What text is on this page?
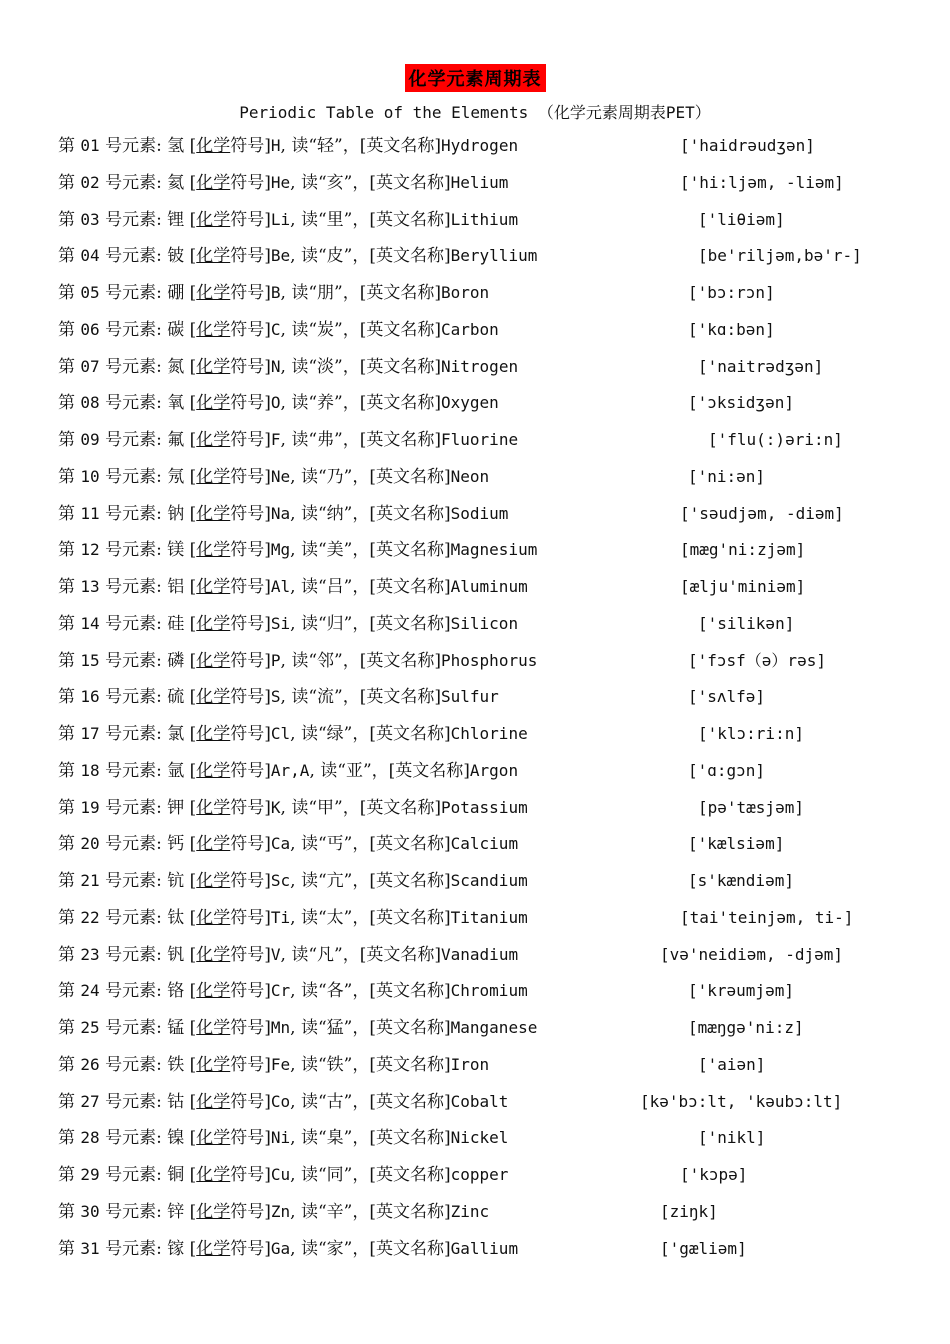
化学元素周期表
Periodic Table of the Elements （化学元素周期表PET）
第 01 号元素: 氢 [化学符号]H, 读“轻”，[英文名称]Hydrogen	['haidrəudʒən]
第 02 号元素: 氦 [化学符号]He, 读“亥”，[英文名称]Helium	['hi:ljəm, -liəm]
第 03 号元素: 锂 [化学符号]Li, 读“里”，[英文名称]Lithium	['liθiəm]
第 04 号元素: 铍 [化学符号]Be, 读“皮”，[英文名称]Beryllium	[be'riljəm,bə'r-]
第 05 号元素: 硼 [化学符号]B, 读“朋”，[英文名称]Boron	['bɔ:rɔn]
第 06 号元素: 碳 [化学符号]C, 读“炭”，[英文名称]Carbon	['kɑ:bən]
第 07 号元素: 氮 [化学符号]N, 读“淡”，[英文名称]Nitrogen	['naitrədʒən]
第 08 号元素: 氧 [化学符号]O, 读“养”，[英文名称]Oxygen	['ɔksidʒən]
第 09 号元素: 氟 [化学符号]F, 读“弗”，[英文名称]Fluorine	['flu(:)əri:n]
第 10 号元素: 氖 [化学符号]Ne, 读“乃”，[英文名称]Neon	['ni:ən]
第 11 号元素: 钠 [化学符号]Na, 读“纳”，[英文名称]Sodium	['səudjəm, -diəm]
第 12 号元素: 镁 [化学符号]Mg, 读“美”，[英文名称]Magnesium	[mæg'ni:zjəm]
第 13 号元素: 铝 [化学符号]Al, 读“吕”，[英文名称]Aluminum	[ælju'miniəm]
第 14 号元素: 硅 [化学符号]Si, 读“归”，[英文名称]Silicon	['silikən]
第 15 号元素: 磷 [化学符号]P, 读“邻”，[英文名称]Phosphorus	['fɔsf（ə）rəs]
第 16 号元素: 硫 [化学符号]S, 读“流”，[英文名称]Sulfur	['sʌlfə]
第 17 号元素: 氯 [化学符号]Cl, 读“绿”，[英文名称]Chlorine	['klɔ:ri:n]
第 18 号元素: 氩 [化学符号]Ar,A, 读“亚”，[英文名称]Argon	['ɑ:gɔn]
第 19 号元素: 钾 [化学符号]K, 读“甲”，[英文名称]Potassium	[pə'tæsjəm]
第 20 号元素: 钙 [化学符号]Ca, 读“丐”，[英文名称]Calcium	['kælsiəm]
第 21 号元素: 钪 [化学符号]Sc, 读“亢”，[英文名称]Scandium	[s'kændiəm]
第 22 号元素: 钛 [化学符号]Ti, 读“太”，[英文名称]Titanium	[tai'teinjəm, ti-]
第 23 号元素: 钒 [化学符号]V, 读“凡”，[英文名称]Vanadium	[və'neidiəm, -djəm]
第 24 号元素: 铬 [化学符号]Cr, 读“各”，[英文名称]Chromium	['krəumjəm]
第 25 号元素: 锰 [化学符号]Mn, 读“猛”，[英文名称]Manganese	[mæŋgə'ni:z]
第 26 号元素: 铁 [化学符号]Fe, 读“铁”，[英文名称]Iron	['aiən]
第 27 号元素: 钴 [化学符号]Co, 读“古”，[英文名称]Cobalt	[kə'bɔ:lt, 'kəubɔ:lt]
第 28 号元素: 镍 [化学符号]Ni, 读“臬”，[英文名称]Nickel	['nikl]
第 29 号元素: 铜 [化学符号]Cu, 读“同”，[英文名称]copper	['kɔpə]
第 30 号元素: 锌 [化学符号]Zn, 读“辛”，[英文名称]Zinc	[ziŋk]
第 31 号元素: 镓 [化学符号]Ga, 读“家”，[英文名称]Gallium	['gæliəm]
